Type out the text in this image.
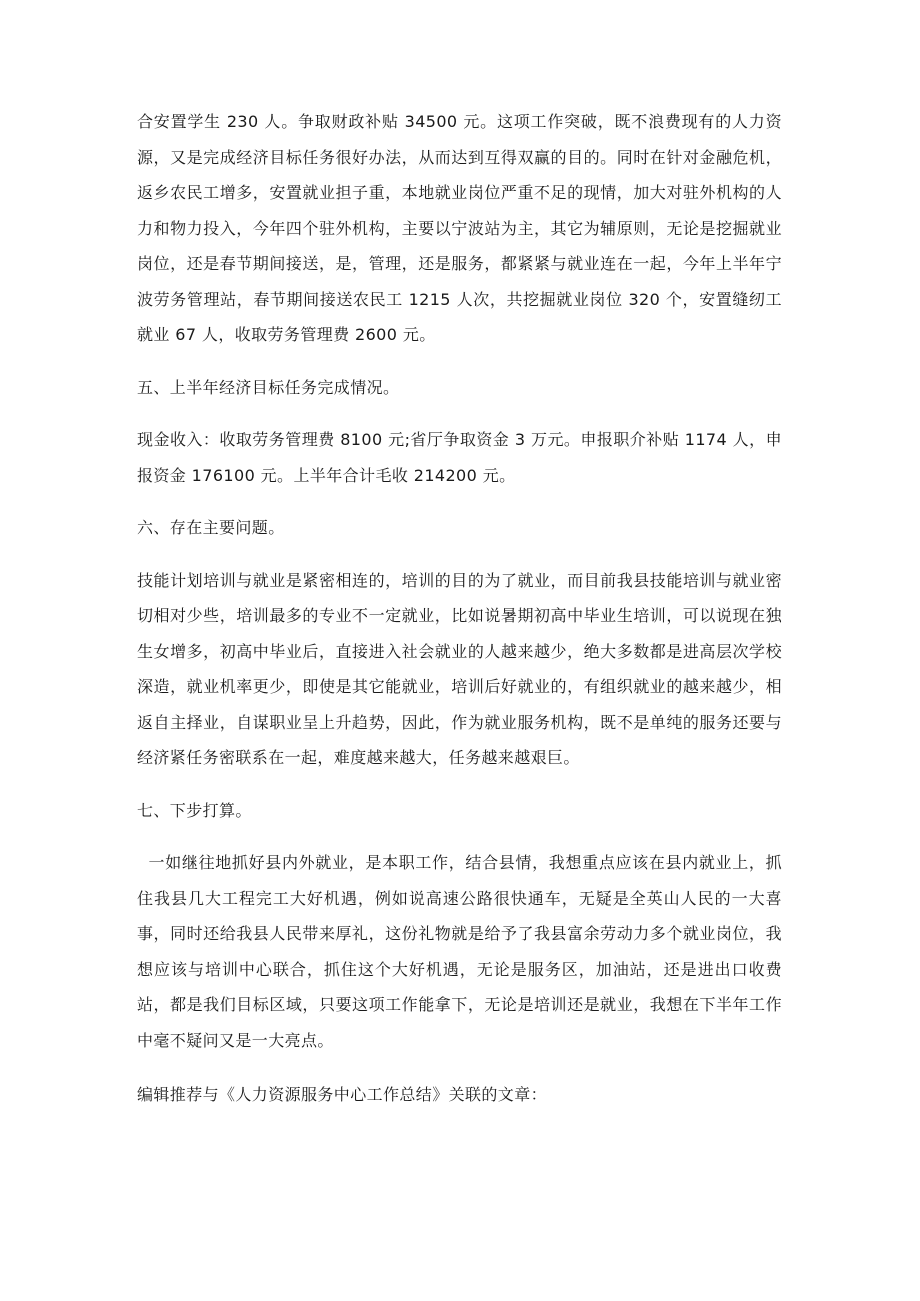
合安置学生 230 人。争取财政补贴 34500 元。这项工作突破，既不浪费现有的人力资源，又是完成经济目标任务很好办法，从而达到互得双赢的目的。同时在针对金融危机，返乡农民工增多，安置就业担子重，本地就业岗位严重不足的现情，加大对驻外机构的人力和物力投入，今年四个驻外机构，主要以宁波站为主，其它为辅原则，无论是挖掘就业岗位，还是春节期间接送，是，管理，还是服务，都紧紧与就业连在一起，今年上半年宁波劳务管理站，春节期间接送农民工 1215 人次，共挖掘就业岗位 320 个，安置缝纫工就业 67 人，收取劳务管理费 2600 元。

五、上半年经济目标任务完成情况。

现金收入：收取劳务管理费 8100 元;省厅争取资金 3 万元。申报职介补贴 1174 人，申报资金 176100 元。上半年合计毛收 214200 元。

六、存在主要问题。

技能计划培训与就业是紧密相连的，培训的目的为了就业，而目前我县技能培训与就业密切相对少些，培训最多的专业不一定就业，比如说暑期初高中毕业生培训，可以说现在独生女增多，初高中毕业后，直接进入社会就业的人越来越少，绝大多数都是进高层次学校深造，就业机率更少，即使是其它能就业，培训后好就业的，有组织就业的越来越少，相返自主择业，自谋职业呈上升趋势，因此，作为就业服务机构，既不是单纯的服务还要与经济紧任务密联系在一起，难度越来越大，任务越来越艰巨。

七、下步打算。

一如继往地抓好县内外就业，是本职工作，结合县情，我想重点应该在县内就业上，抓住我县几大工程完工大好机遇，例如说高速公路很快通车，无疑是全英山人民的一大喜事，同时还给我县人民带来厚礼，这份礼物就是给予了我县富余劳动力多个就业岗位，我想应该与培训中心联合，抓住这个大好机遇，无论是服务区，加油站，还是进出口收费站，都是我们目标区域，只要这项工作能拿下，无论是培训还是就业，我想在下半年工作中毫不疑问又是一大亮点。

编辑推荐与《人力资源服务中心工作总结》关联的文章：
